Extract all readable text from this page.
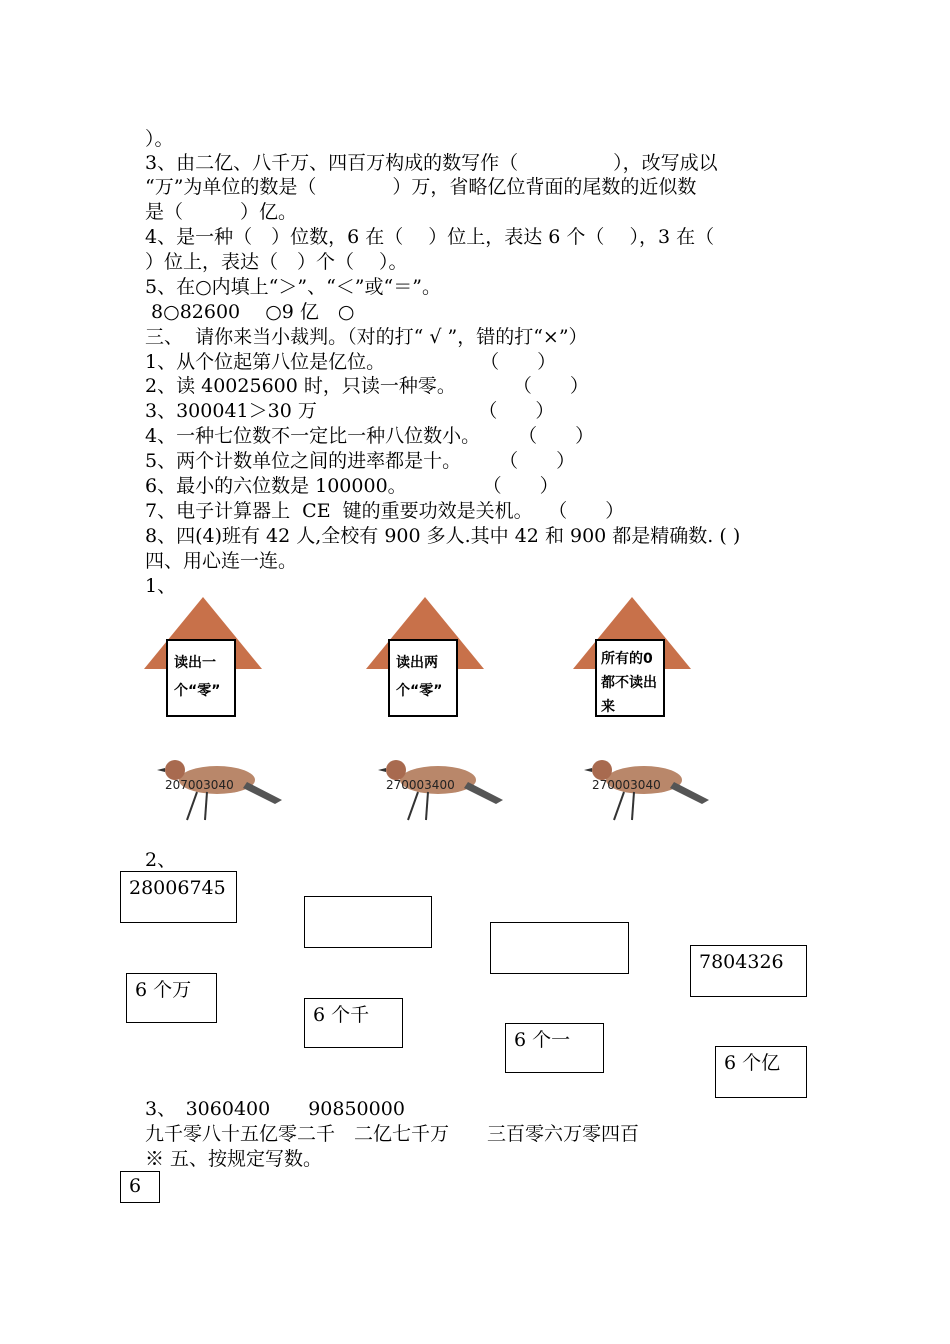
）。
3、由二亿、八千万、四百万构成的数写作（　　　　　），改写成以
“万”为单位的数是（　　　　）万，省略亿位背面的尾数的近似数
是（　　　）亿。
4、是一种（　）位数，6 在（　 ）位上，表达 6 个（　 ），3 在（
）位上，表达（　）个（　 ）。
5、在○内填上“＞”、“＜”或“＝”。
8○82600　 ○9 亿　○
三、  请你来当小裁判。（对的打“ √ ”，错的打“×”）
1、从个位起第八位是亿位。　　　　　　（　　）
2、读 40025600 时，只读一种零。　　　　（　　）
3、300041＞30 万　　　　　　　　　（　　）
4、一种七位数不一定比一种八位数小。　　　（　　）
5、两个计数单位之间的进率都是十。　　　（　　）
6、最小的六位数是 100000。　　　　　（　　）
7、电子计算器上  CE  键的重要功效是关机。　 （　　）
8、四(4)班有 42 人,全校有 900 多人.其中 42 和 900 都是精确数. ( )
四、用心连一连。
1、
读出一
个“零”
读出两
个“零”
所有的0
都不读出
来
207003040	270003400	270003040
2、
28006745
7804326
6 个万
6 个千
6 个一
6 个亿
3、　3060400　　90850000
九千零八十五亿零二千　二亿七千万　　三百零六万零四百
※ 五、按规定写数。
6
